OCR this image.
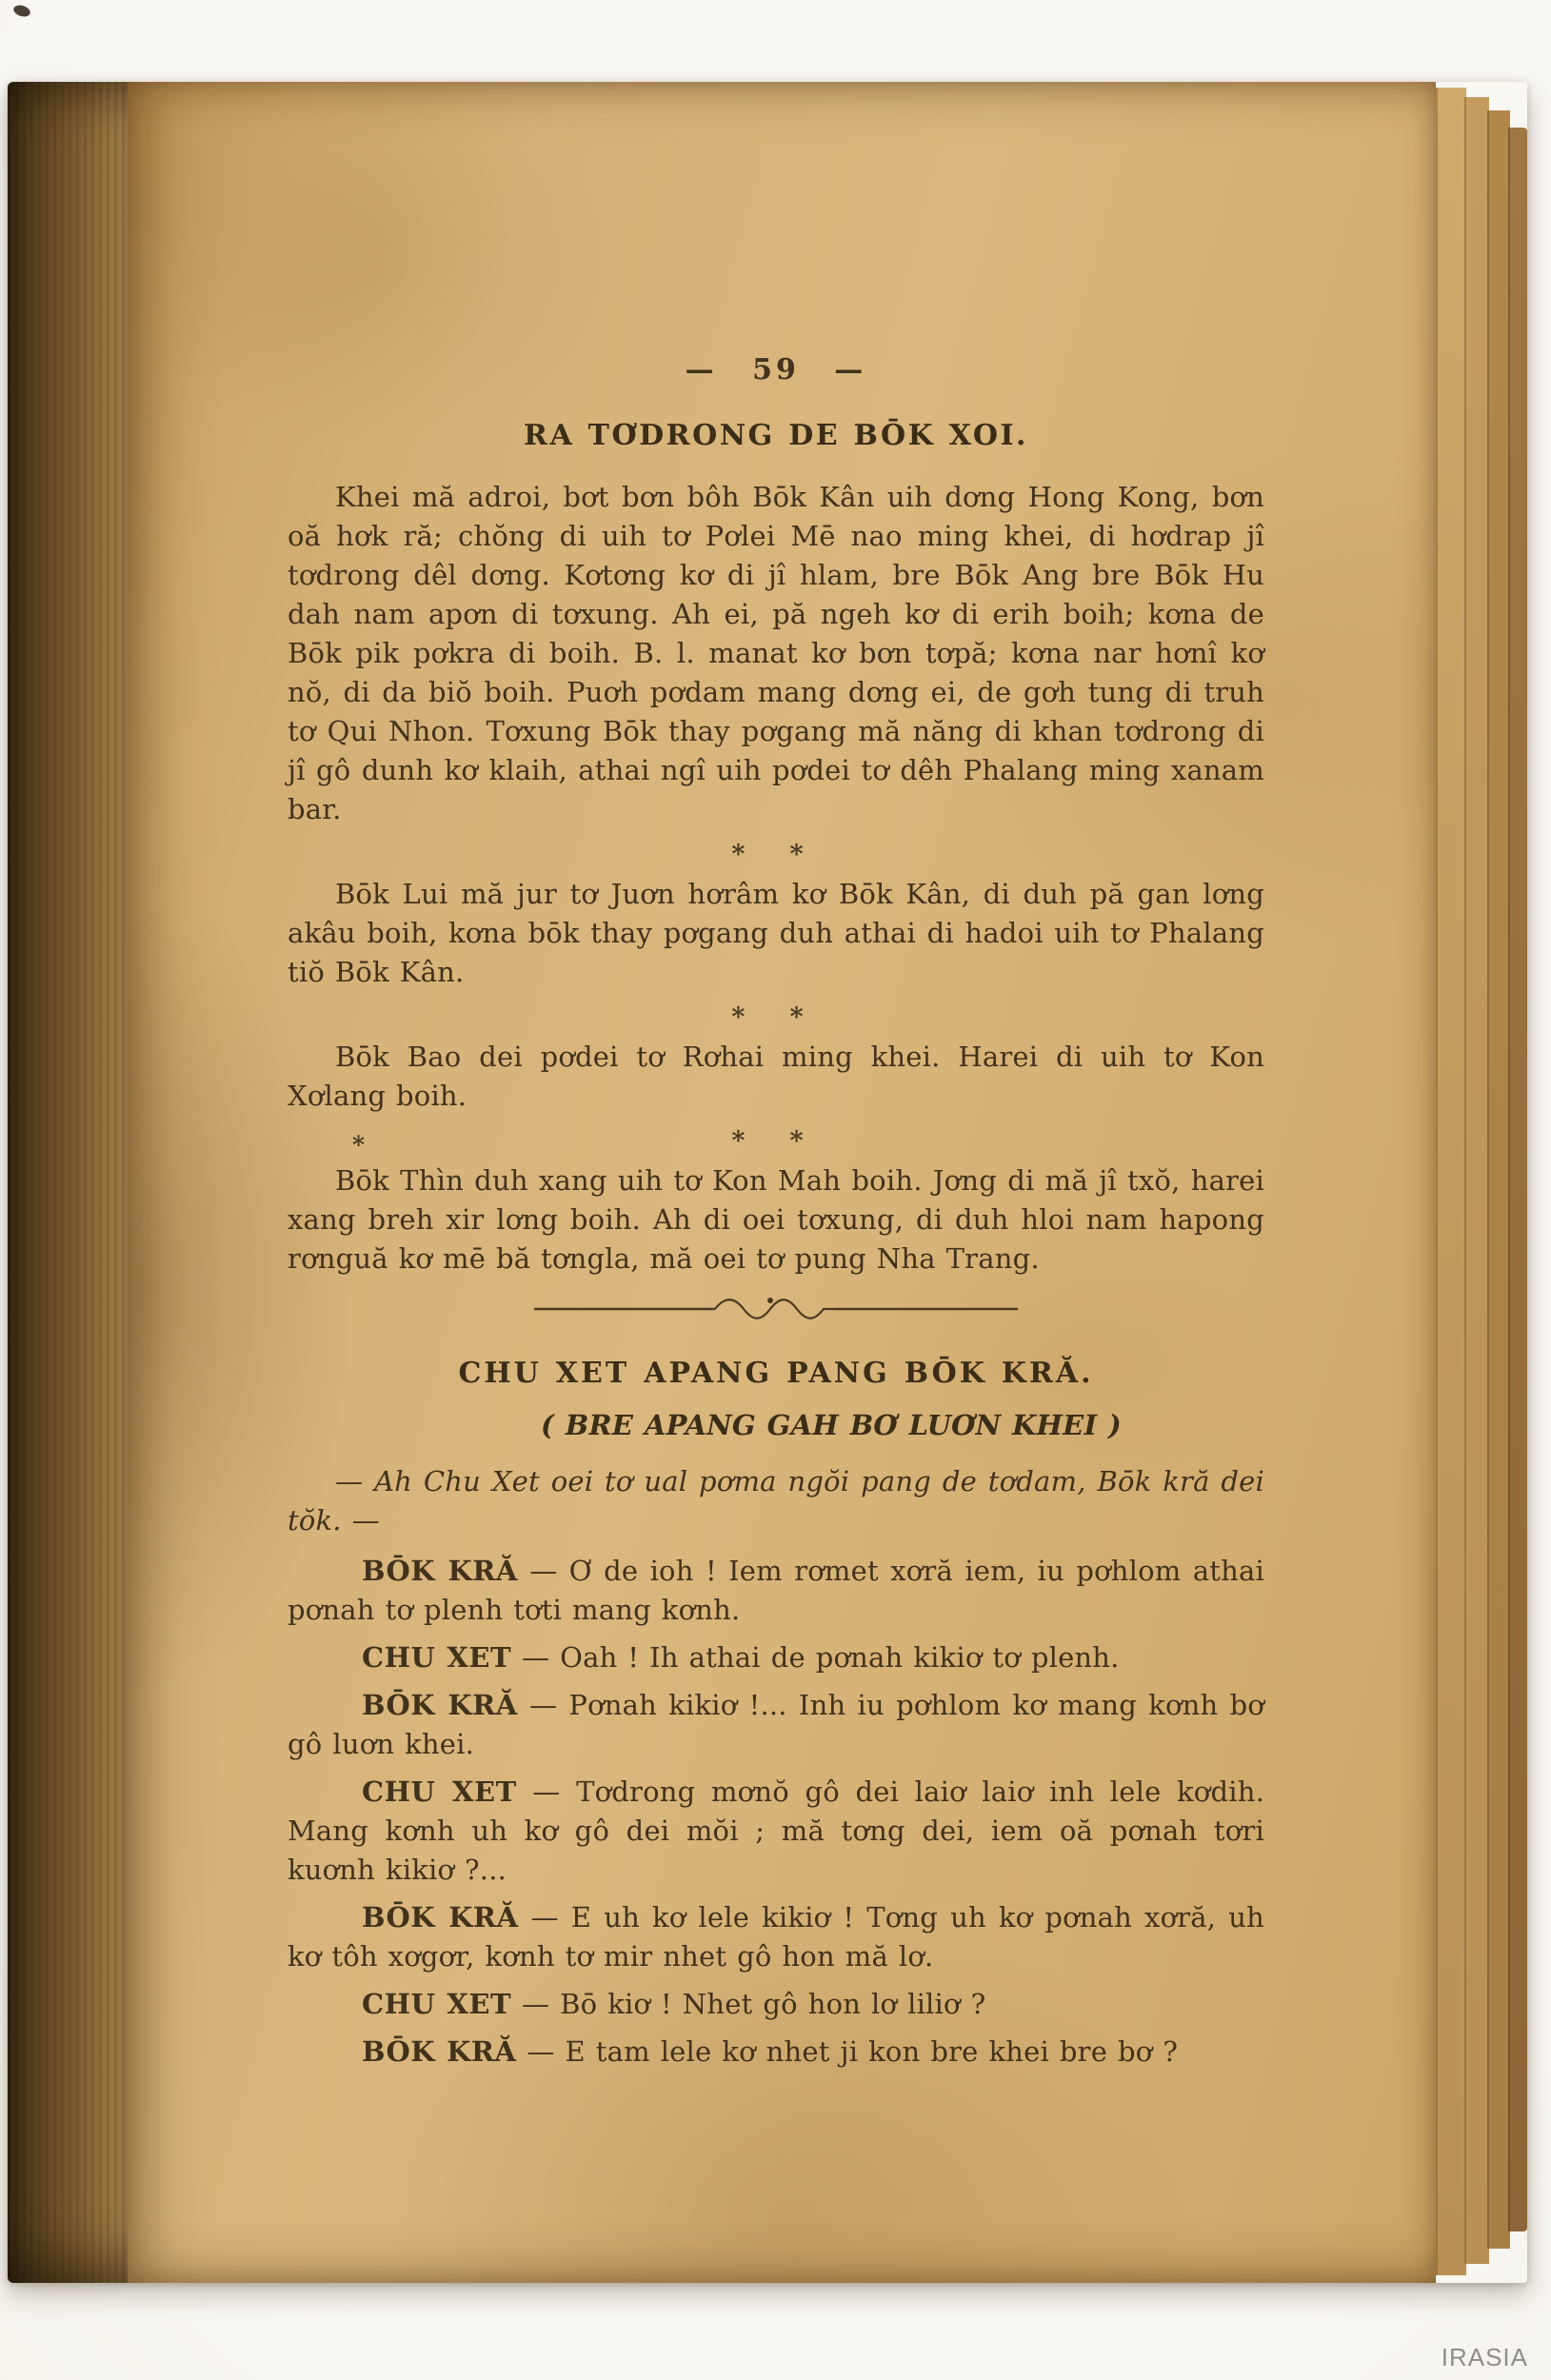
— 59 —
RA TƠDRONG DE BŌK XOI.

Khei mă adroi, bơt bơn bôh Bōk Kân uih dơng Hong Kong, bơn oă hơk ră; chŏng di uih tơ Pơlei Mē nao ming khei, di hơdrap jî tơdrong dêl dơng. Kơtơng kơ di jî hlam, bre Bōk Ang bre Bōk Hu dah nam apơn di tơxung. Ah ei, pă ngeh kơ di erih boih; kơna de Bōk pik pơkra di boih. B. l. manat kơ bơn tơpă; kơna nar hơnî kơ nŏ, di da biŏ boih. Puơh pơdam mang dơng ei, de gơh tung di truh tơ Qui Nhon. Tơxung Bōk thay pơgang mă năng di khan tơdrong di jî gô dunh kơ klaih, athai ngî uih pơdei tơ dêh Phalang ming xanam bar.

* *

Bōk Lui mă jur tơ Juơn hơrâm kơ Bōk Kân, di duh pă gan lơng akâu boih, kơna bōk thay pơgang duh athai di hadoi uih tơ Phalang tiŏ Bōk Kân.

* *

Bōk Bao dei pơdei tơ Rơhai ming khei. Harei di uih tơ Kon Xơlang boih.

*	* *

Bōk Thìn duh xang uih tơ Kon Mah boih. Jơng di mă jî txŏ, harei xang breh xir lơng boih. Ah di oei tơxung, di duh hloi nam hapong rơnguă kơ mē bă tơngla, mă oei tơ pung Nha Trang.

CHU XET APANG PANG BŌK KRĂ.
( BRE APANG GAH BƠ LUƠN KHEI )

— Ah Chu Xet oei tơ ual pơma ngŏi pang de tơdam, Bōk kră dei tŏk. —

BŌK KRĂ — Ơ de ioh ! Iem rơmet xơră iem, iu pơhlom athai pơnah tơ plenh tơti mang kơnh.

CHU XET — Oah ! Ih athai de pơnah kikiơ tơ plenh.

BŌK KRĂ — Pơnah kikiơ !... Inh iu pơhlom kơ mang kơnh bơ gô luơn khei.

CHU XET — Tơdrong mơnŏ gô dei laiơ laiơ inh lele kơdih. Mang kơnh uh kơ gô dei mŏi ; mă tơng dei, iem oă pơnah tơri kuơnh kikiơ ?...

BŌK KRĂ — E uh kơ lele kikiơ ! Tơng uh kơ pơnah xơră, uh kơ tôh xơgơr, kơnh tơ mir nhet gô hon mă lơ.

CHU XET — Bō kiơ ! Nhet gô hon lơ liliơ ?

BŌK KRĂ — E tam lele kơ nhet ji kon bre khei bre bơ ?

IRASIA
